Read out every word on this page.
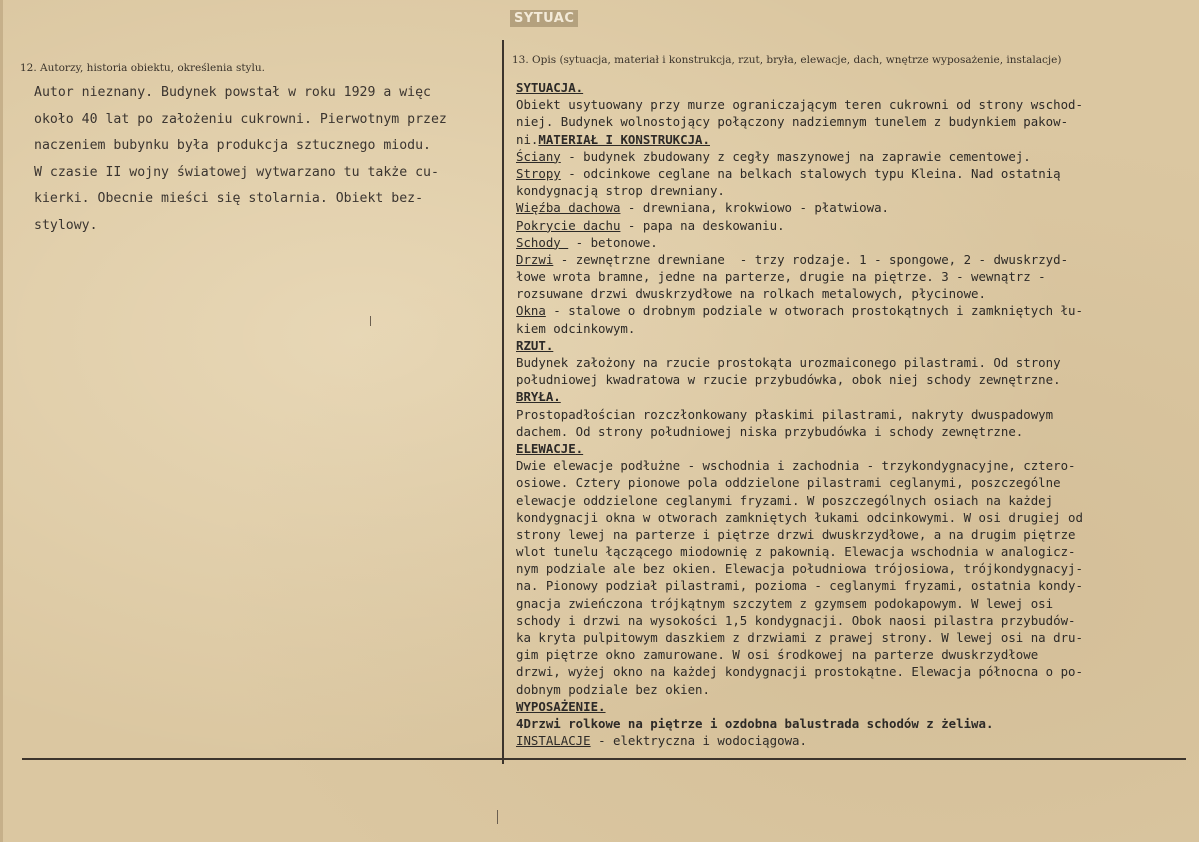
SYTUAC
12. Autorzy, historia obiektu, określenia stylu.
13. Opis (sytuacja, materiał i konstrukcja, rzut, bryła, elewacje, dach, wnętrze wyposażenie, instalacje)
Autor nieznany. Budynek powstał w roku 1929 a więc
około 40 lat po założeniu cukrowni. Pierwotnym przez
naczeniem bubynku była produkcja sztucznego miodu.
W czasie II wojny światowej wytwarzano tu także cu-
kierki. Obecnie mieści się stolarnia. Obiekt bez-
stylowy.
SYTUACJA.
Obiekt usytuowany przy murze ograniczającym teren cukrowni od strony wschod-
niej. Budynek wolnostojący połączony nadziemnym tunelem z budynkiem pakow-
ni.MATERIAŁ I KONSTRUKCJA.
Ściany - budynek zbudowany z cegły maszynowej na zaprawie cementowej.
Stropy - odcinkowe ceglane na belkach stalowych typu Kleina. Nad ostatnią
kondygnacją strop drewniany.
Więźba dachowa - drewniana, krokwiowo - płatwiowa.
Pokrycie dachu - papa na deskowaniu.
Schody  - betonowe.
Drzwi - zewnętrzne drewniane  - trzy rodzaje. 1 - spongowe, 2 - dwuskrzyd-
łowe wrota bramne, jedne na parterze, drugie na piętrze. 3 - wewnątrz -
rozsuwane drzwi dwuskrzydłowe na rolkach metalowych, płycinowe.
Okna - stalowe o drobnym podziale w otworach prostokątnych i zamkniętych łu-
kiem odcinkowym.
RZUT.
Budynek założony na rzucie prostokąta urozmaiconego pilastrami. Od strony
południowej kwadratowa w rzucie przybudówka, obok niej schody zewnętrzne.
BRYŁA.
Prostopadłościan rozczłonkowany płaskimi pilastrami, nakryty dwuspadowym
dachem. Od strony południowej niska przybudówka i schody zewnętrzne.
ELEWACJE.
Dwie elewacje podłużne - wschodnia i zachodnia - trzykondygnacyjne, cztero-
osiowe. Cztery pionowe pola oddzielone pilastrami ceglanymi, poszczególne
elewacje oddzielone ceglanymi fryzami. W poszczególnych osiach na każdej
kondygnacji okna w otworach zamkniętych łukami odcinkowymi. W osi drugiej od
strony lewej na parterze i piętrze drzwi dwuskrzydłowe, a na drugim piętrze
wlot tunelu łączącego miodownię z pakownią. Elewacja wschodnia w analogicz-
nym podziale ale bez okien. Elewacja południowa trójosiowa, trójkondygnacyj-
na. Pionowy podział pilastrami, pozioma - ceglanymi fryzami, ostatnia kondy-
gnacja zwieńczona trójkątnym szczytem z gzymsem podokapowym. W lewej osi
schody i drzwi na wysokości 1,5 kondygnacji. Obok naosi pilastra przybudów-
ka kryta pulpitowym daszkiem z drzwiami z prawej strony. W lewej osi na dru-
gim piętrze okno zamurowane. W osi środkowej na parterze dwuskrzydłowe
drzwi, wyżej okno na każdej kondygnacji prostokątne. Elewacja północna o po-
dobnym podziale bez okien.
WYPOSAŻENIE.
4Drzwi rolkowe na piętrze i ozdobna balustrada schodów z żeliwa.
INSTALACJE - elektryczna i wodociągowa.
